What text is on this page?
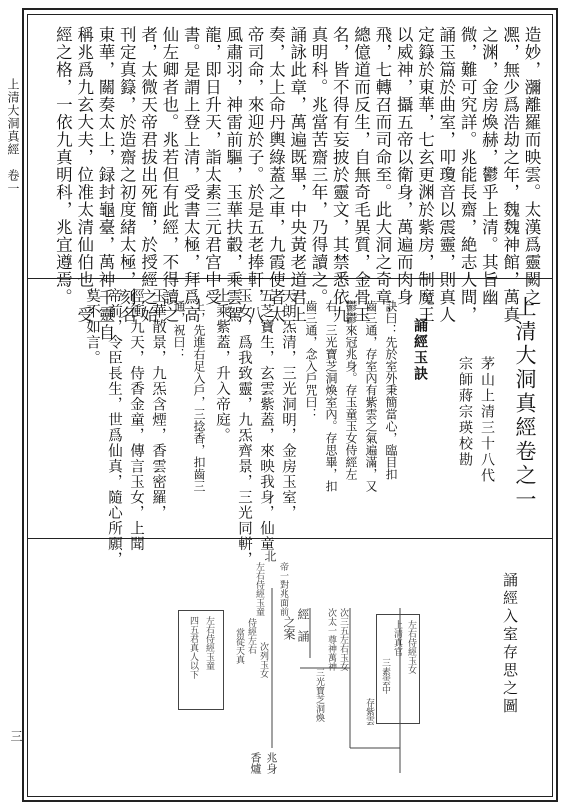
上清大洞真經　卷一
三
造妙，瀰離羅而映雲。太漢爲靈闕之
凞，無少爲浩劫之年，魏魏神館，萬真
之渊，金房煥赫，鬱乎上清。其旨幽
微，難可究詳。兆能長齋，絶志人間，
誦玉篇於曲室，叩瓊音以震靈，則真人
定籙於東華，七玄更渊於紫房，制魔王
以威神，攝五帝以衛身，萬遍而肉身
飛，七轉召而司命至。此大洞之奇章，
總億道而反生，自無奇毛異質，金骨玉
名，皆不得有妄披於靈文，其禁悉依九
真明科。兆當苦齋三年，乃得讀之。
誦詠此章，萬遍既畢，中央黃老道君上
奏，太上命丹輿綠蓋之車，九霞使者太
帝司命，來迎於子。於是五老捧軒，八
風肅羽，神雷前驅，玉華扶轂，乘雲駕
龍，即日升天，詣太素三元君宫中受
書。是謂上登上清，受書太極，拜爲高
仙左卿者也。兆若但有此經，不得讀之
者，太微天帝君拔出死簡，於授經之始
刊定真籙，於造齋之初度緒太極，刻名
東華，關奏太上，録封龜臺，萬神千靈自
稱兆爲九玄大夫，位准太清仙伯也。受
經之格，一依九真明科，兆宜遵焉。
上清大洞真經卷之一
茅山上清三十八代
宗師蔣宗瑛校勘
誦經玉訣
訣曰：先於室外秉簡當心，臨目扣
齒三通，存室內有紫雲之氣遍滿，又
鬱鬱來冠兆身。存玉童玉女侍經左
右，三光寶芝洞煥室內。存思畢，扣
齒三通，念入戶咒曰：
天朗炁清，三光洞明，金房玉室，
五芝寶生，玄雲紫蓋，來映我身，仙童
玉女，爲我致靈，九炁齊景，三光同軿，
上乘紫蓋，升入帝庭。
上，先進右足入戶，三捻香，扣齒三
通，祝曰：
玉華散景，九炁含煙，香雲密羅，
徑衝九天，侍香金童，傳言玉女，上聞
帝前，令臣長生，世爲仙真，隨心所願，
莫不如言。
誦經入室存思之圖
北
帝一對兆面前
左右侍經玉童
左右侍經玉童
四五君真人以下	侍經左右
當從天真 次列玉女
之案
經
誦	次三五左右玉女
次太一尊神萬神
三光寶芝洞煥
左右侍經玉女
上清真官
三素雲中
存紫雲
兆身
香爐
